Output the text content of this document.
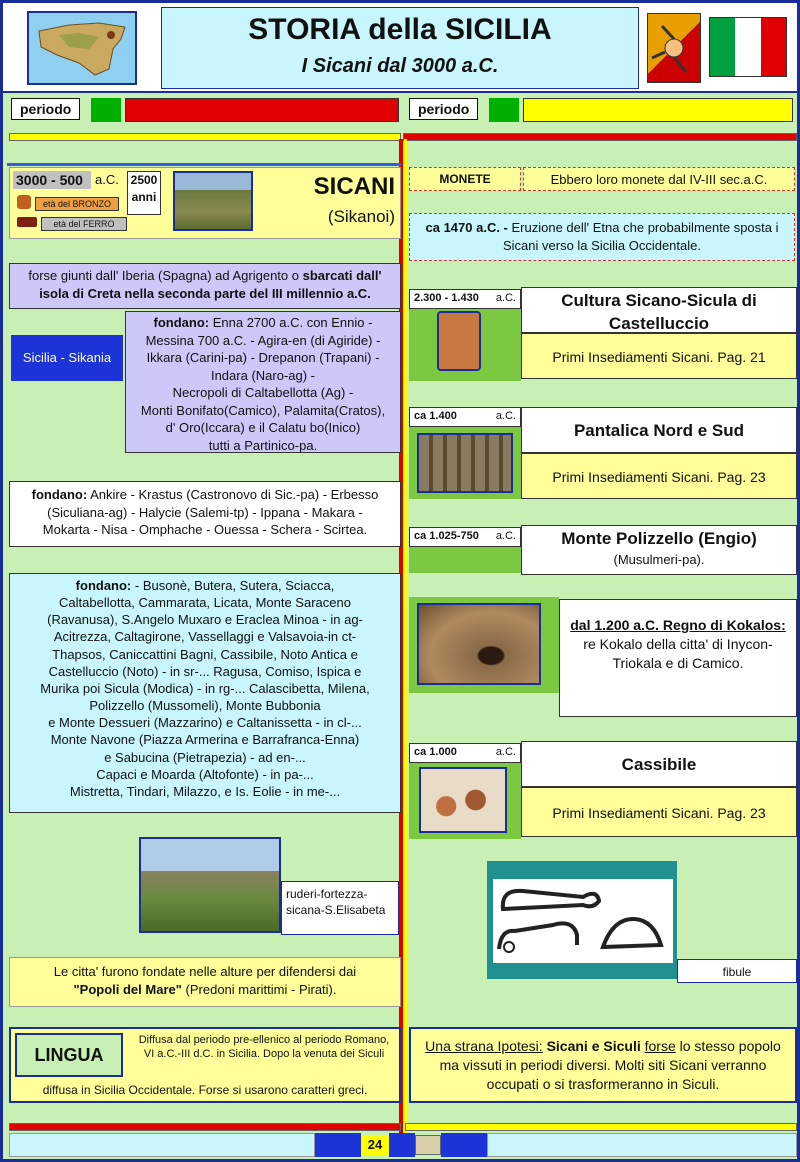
STORIA della SICILIA
I Sicani dal 3000 a.C.
periodo	periodo
3000 - 500 a.C.
età del BRONZO
età del FERRO
2500 anni	SICANI
(Sikanoi)
forse giunti dall' Iberia (Spagna) ad Agrigento o sbarcati dall' isola di Creta nella seconda parte del III millennio a.C.
Sicilia - Sikania
fondano: Enna 2700 a.C. con Ennio -
Messina 700 a.C. - Agira-en (di Agiride) -
Ikkara (Carini-pa) - Drepanon (Trapani) -
Indara (Naro-ag) -
Necropoli di Caltabellotta (Ag) -
Monti Bonifato(Camico), Palamita(Cratos),
d' Oro(Iccara) e il Calatu bo(Inico)
tutti a Partinico-pa.
fondano: Ankire - Krastus (Castronovo di Sic.-pa) - Erbesso
(Siculiana-ag) - Halycie (Salemi-tp) - Ippana - Makara -
Mokarta - Nisa - Omphache - Ouessa - Schera - Scirtea.
fondano: - Busonè, Butera, Sutera, Sciacca,
Caltabellotta, Cammarata, Licata, Monte Saraceno
(Ravanusa), S.Angelo Muxaro e Eraclea Minoa - in ag-
Acitrezza, Caltagirone, Vassellaggi e Valsavoia-in ct-
Thapsos, Caniccattini Bagni, Cassibile, Noto Antica e
Castelluccio (Noto) - in sr-... Ragusa, Comiso, Ispica e
Murika poi Sicula (Modica) - in rg-... Calascibetta, Milena,
Polizzello (Mussomeli), Monte Bubbonia
e Monte Dessueri (Mazzarino) e Caltanissetta - in cl-...
Monte Navone (Piazza Armerina e Barrafranca-Enna)
e Sabucina (Pietrapezia) - ad en-...
Capaci e Moarda (Altofonte) - in pa-...
Mistretta, Tindari, Milazzo, e Is. Eolie - in me-...
ruderi-fortezza-sicana-S.Elisabeta
Le citta' furono fondate nelle alture per difendersi dai
"Popoli del Mare" (Predoni marittimi - Pirati).
LINGUA
Diffusa dal periodo pre-ellenico al periodo Romano, VI a.C.-III d.C. in Sicilia. Dopo la venuta dei Siculi
diffusa in Sicilia Occidentale. Forse si usarono caratteri greci.
MONETE	Ebbero loro monete dal IV-III sec.a.C.
ca 1470 a.C. - Eruzione dell' Etna che probabilmente sposta i Sicani verso la Sicilia Occidentale.
2.300 - 1.430 a.C.	Cultura Sicano-Sicula di Castelluccio
Primi Insediamenti Sicani. Pag. 21
ca 1.400	a.C.
Pantalica Nord e Sud
Primi Insediamenti Sicani. Pag. 23
ca 1.025-750 a.C.	Monte Polizzello (Engio)
(Musulmeri-pa).
dal 1.200 a.C. Regno di Kokalos:
re Kokalo della citta' di Inycon-Triokala e di Camico.
ca 1.000	a.C.
Cassibile
Primi Insediamenti Sicani. Pag. 23
fibule
Una strana Ipotesi: Sicani e Siculi forse lo stesso popolo ma vissuti in periodi diversi. Molti siti Sicani verranno occupati o si trasformeranno in Siculi.
24
